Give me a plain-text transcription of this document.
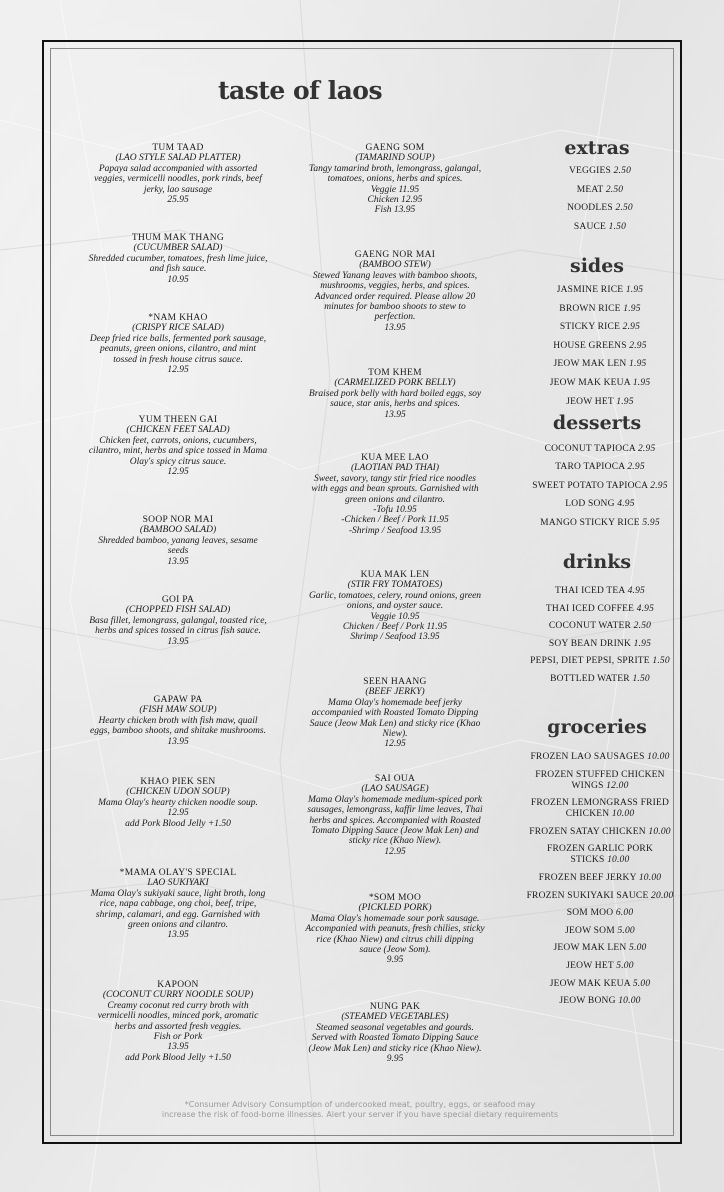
taste of laos
TUM TAAD
(LAO STYLE SALAD PLATTER)
Papaya salad accompanied with assorted veggies, vermicelli noodles, pork rinds, beef jerky, lao sausage
25.95
THUM MAK THANG
(CUCUMBER SALAD)
Shredded cucumber, tomatoes, fresh lime juice, and fish sauce.
10.95
*NAM KHAO
(CRISPY RICE SALAD)
Deep fried rice balls, fermented pork sausage, peanuts, green onions, cilantro, and mint tossed in fresh house citrus sauce.
12.95
YUM THEEN GAI
(CHICKEN FEET SALAD)
Chicken feet, carrots, onions, cucumbers, cilantro, mint, herbs and spice tossed in Mama Olay's spicy citrus sauce.
12.95
SOOP NOR MAI
(BAMBOO SALAD)
Shredded bamboo, yanang leaves, sesame seeds
13.95
GOI PA
(CHOPPED FISH SALAD)
Basa fillet, lemongrass, galangal, toasted rice, herbs and spices tossed in citrus fish sauce.
13.95
GAPAW PA
(FISH MAW SOUP)
Hearty chicken broth with fish maw, quail eggs, bamboo shoots, and shitake mushrooms.
13.95
KHAO PIEK SEN
(CHICKEN UDON SOUP)
Mama Olay's hearty chicken noodle soup.
12.95
add Pork Blood Jelly +1.50
*MAMA OLAY'S SPECIAL
LAO SUKIYAKI
Mama Olay's sukiyaki sauce, light broth, long rice, napa cabbage, ong choi, beef, tripe, shrimp, calamari, and egg. Garnished with green onions and cilantro.
13.95
KAPOON
(COCONUT CURRY NOODLE SOUP)
Creamy coconut red curry broth with vermicelli noodles, minced pork, aromatic herbs and assorted fresh veggies.
Fish or Pork
13.95
add Pork Blood Jelly +1.50
GAENG SOM
(TAMARIND SOUP)
Tangy tamarind broth, lemongrass, galangal, tomatoes, onions, herbs and spices.
Veggie 11.95
Chicken 12.95
Fish 13.95
GAENG NOR MAI
(BAMBOO STEW)
Stewed Yanang leaves with bamboo shoots, mushrooms, veggies, herbs, and spices. Advanced order required. Please allow 20 minutes for bamboo shoots to stew to perfection.
13.95
TOM KHEM
(CARMELIZED PORK BELLY)
Braised pork belly with hard boiled eggs, soy sauce, star anis, herbs and spices.
13.95
KUA MEE LAO
(LAOTIAN PAD THAI)
Sweet, savory, tangy stir fried rice noodles with eggs and bean sprouts. Garnished with green onions and cilantro.
-Tofu 10.95
-Chicken / Beef / Pork 11.95
-Shrimp / Seafood 13.95
KUA MAK LEN
(STIR FRY TOMATOES)
Garlic, tomatoes, celery, round onions, green onions, and oyster sauce.
Veggie 10.95
Chicken / Beef / Pork 11.95
Shrimp / Seafood 13.95
SEEN HAANG
(BEEF JERKY)
Mama Olay's homemade beef jerky accompanied with Roasted Tomato Dipping Sauce (Jeow Mak Len) and sticky rice (Khao Niew).
12.95
SAI OUA
(LAO SAUSAGE)
Mama Olay's homemade medium-spiced pork sausages, lemongrass, kaffir lime leaves, Thai herbs and spices. Accompanied with Roasted Tomato Dipping Sauce (Jeow Mak Len) and sticky rice (Khao Niew).
12.95
*SOM MOO
(PICKLED PORK)
Mama Olay's homemade sour pork sausage. Accompanied with peanuts, fresh chilies, sticky rice (Khao Niew) and citrus chili dipping sauce (Jeow Som).
9.95
NUNG PAK
(STEAMED VEGETABLES)
Steamed seasonal vegetables and gourds. Served with Roasted Tomato Dipping Sauce (Jeow Mak Len) and sticky rice (Khao Niew).
9.95
extras
VEGGIES 2.50
MEAT 2.50
NOODLES 2.50
SAUCE 1.50
sides
JASMINE RICE 1.95
BROWN RICE 1.95
STICKY RICE 2.95
HOUSE GREENS 2.95
JEOW MAK LEN 1.95
JEOW MAK KEUA 1.95
JEOW HET 1.95
desserts
COCONUT TAPIOCA 2.95
TARO TAPIOCA 2.95
SWEET POTATO TAPIOCA 2.95
LOD SONG 4.95
MANGO STICKY RICE 5.95
drinks
THAI ICED TEA 4.95
THAI ICED COFFEE 4.95
COCONUT WATER 2.50
SOY BEAN DRINK 1.95
PEPSI, DIET PEPSI, SPRITE 1.50
BOTTLED WATER 1.50
groceries
FROZEN LAO SAUSAGES 10.00
FROZEN STUFFED CHICKEN
WINGS 12.00
FROZEN LEMONGRASS FRIED
CHICKEN 10.00
FROZEN SATAY CHICKEN 10.00
FROZEN GARLIC PORK
STICKS 10.00
FROZEN BEEF JERKY 10.00
FROZEN SUKIYAKI SAUCE 20.00
SOM MOO 6.00
JEOW SOM 5.00
JEOW MAK LEN 5.00
JEOW HET 5.00
JEOW MAK KEUA 5.00
JEOW BONG 10.00
*Consumer Advisory Consumption of undercooked meat, poultry, eggs, or seafood may
increase the risk of food-borne illnesses. Alert your server if you have special dietary requirements
